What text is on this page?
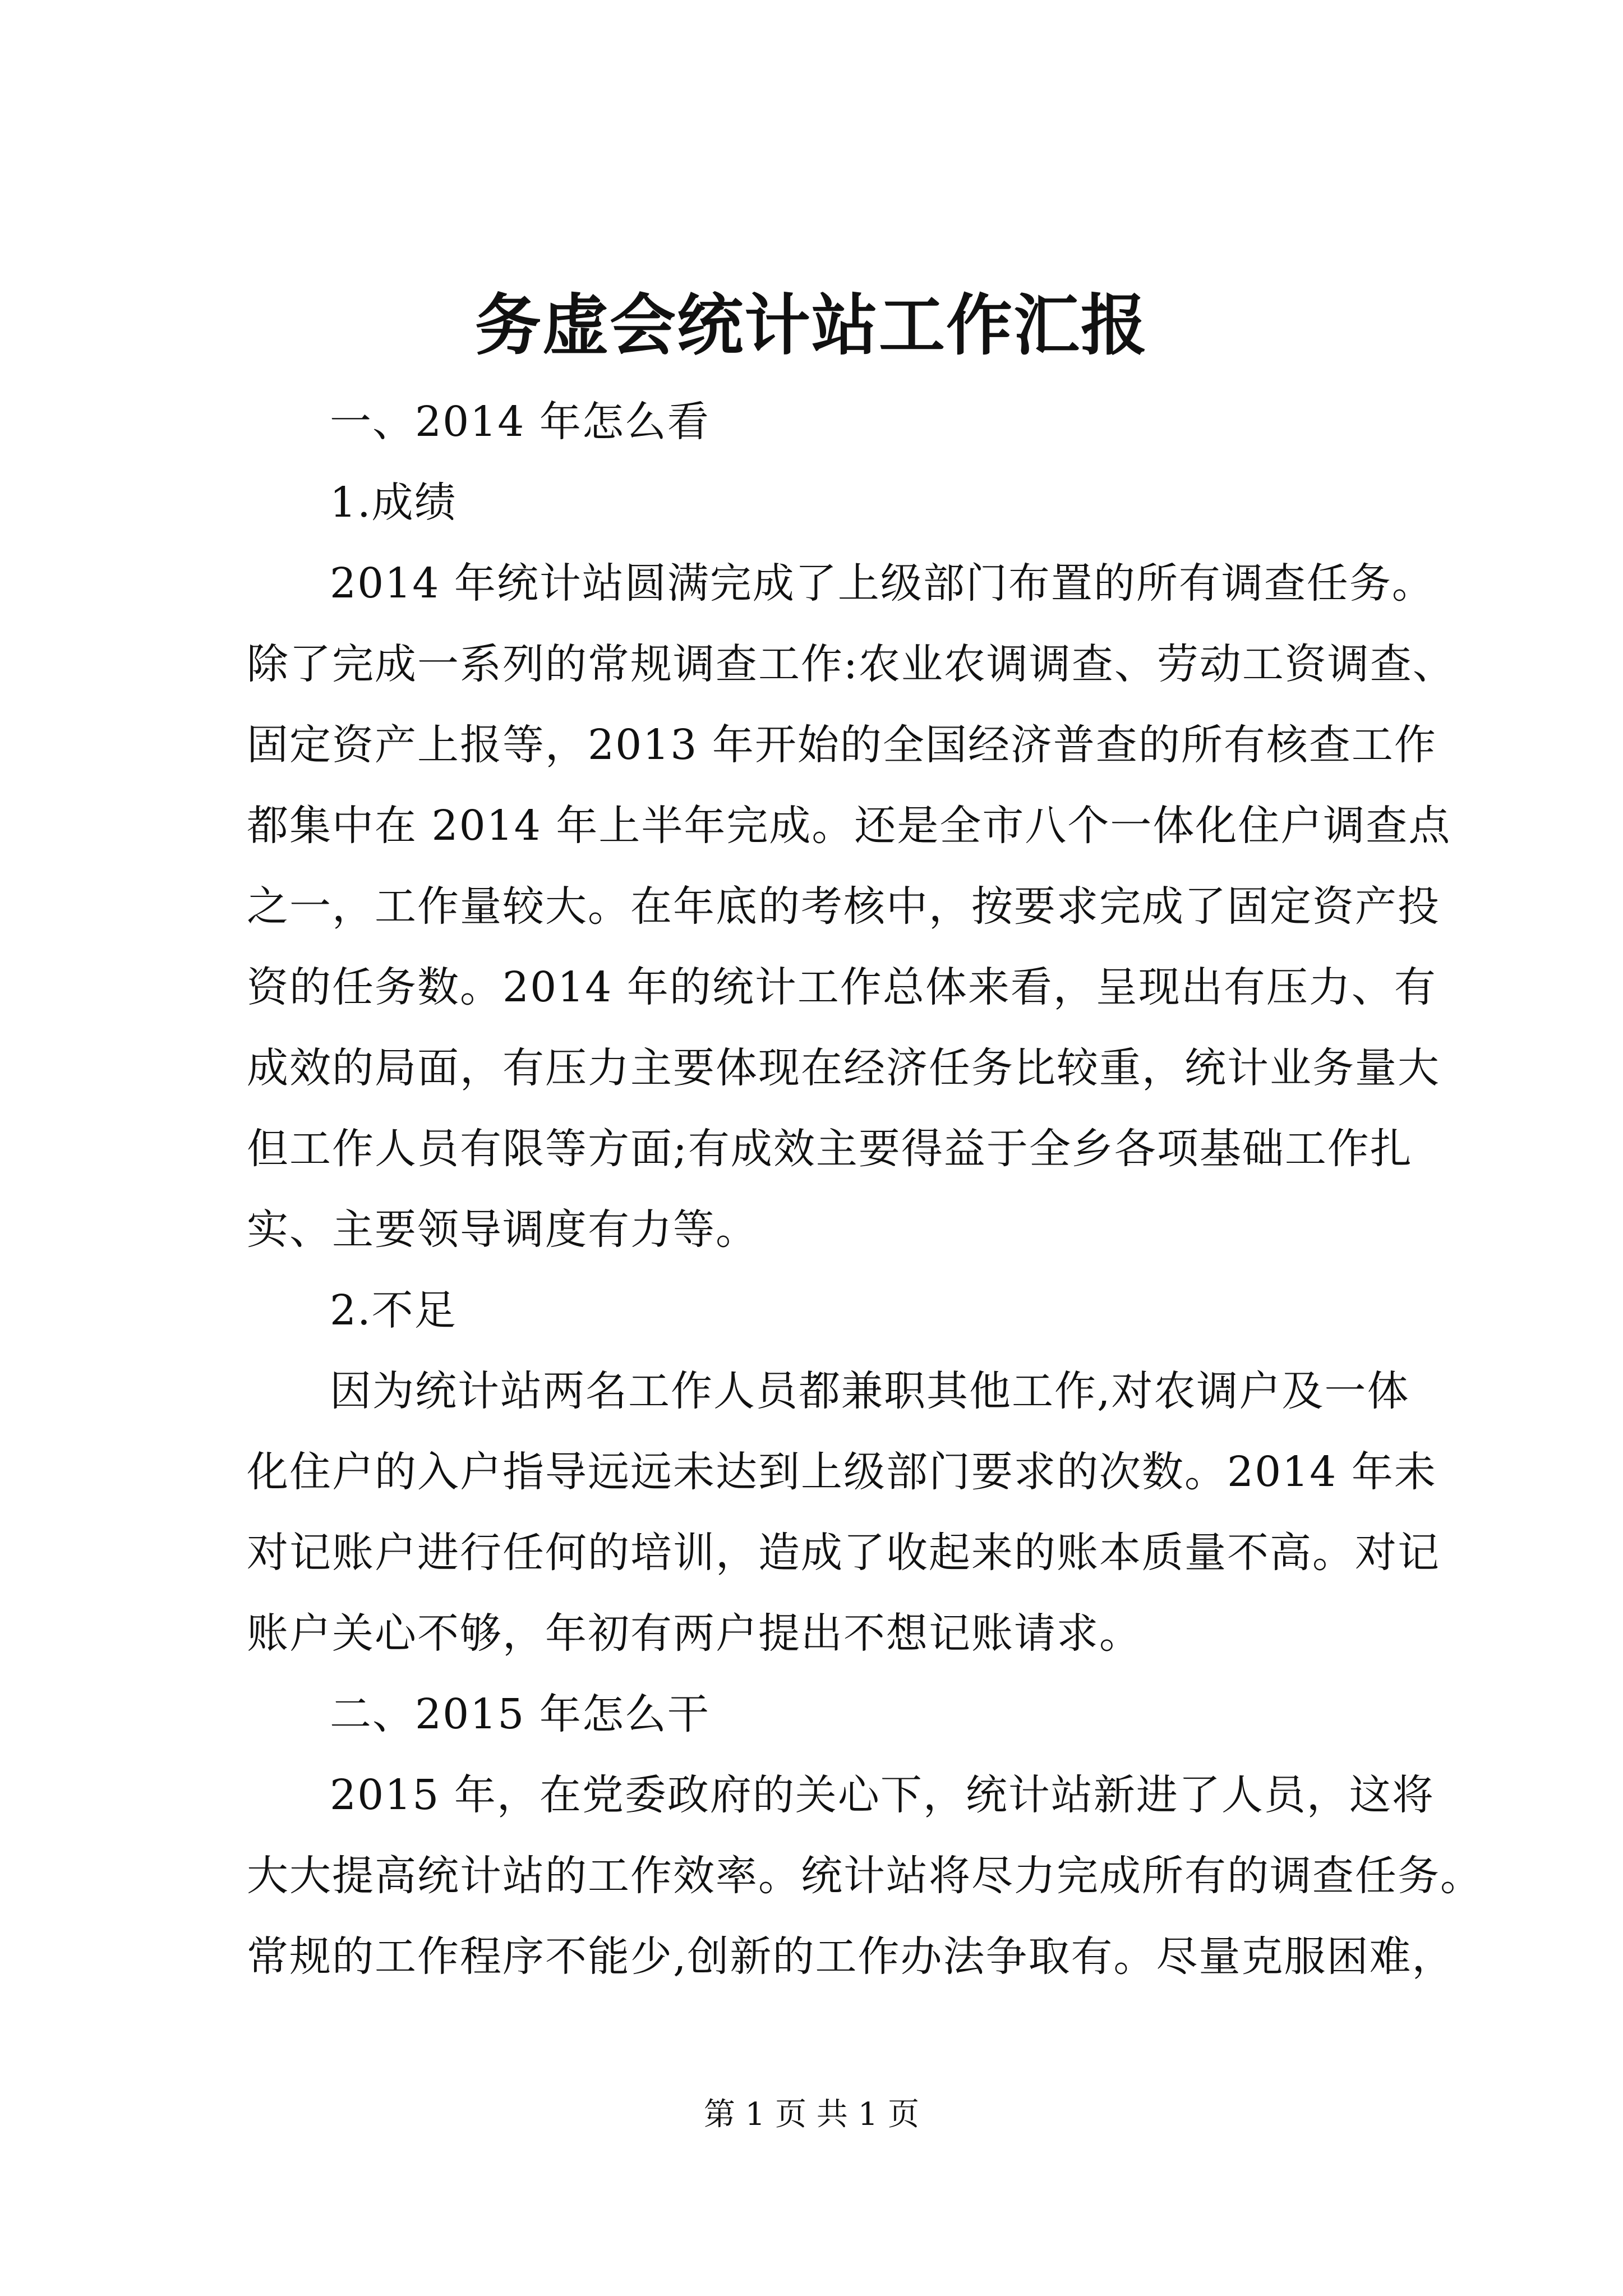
务虚会统计站工作汇报
一、2014 年怎么看
1.成绩
2014 年统计站圆满完成了上级部门布置的所有调查任务。
除了完成一系列的常规调查工作:农业农调调查、劳动工资调查、
固定资产上报等，2013 年开始的全国经济普查的所有核查工作
都集中在 2014 年上半年完成。还是全市八个一体化住户调查点
之一，工作量较大。在年底的考核中，按要求完成了固定资产投
资的任务数。2014 年的统计工作总体来看，呈现出有压力、有
成效的局面，有压力主要体现在经济任务比较重，统计业务量大
但工作人员有限等方面;有成效主要得益于全乡各项基础工作扎
实、主要领导调度有力等。
2.不足
因为统计站两名工作人员都兼职其他工作,对农调户及一体
化住户的入户指导远远未达到上级部门要求的次数。2014 年未
对记账户进行任何的培训，造成了收起来的账本质量不高。对记
账户关心不够，年初有两户提出不想记账请求。
二、2015 年怎么干
2015 年，在党委政府的关心下，统计站新进了人员，这将
大大提高统计站的工作效率。统计站将尽力完成所有的调查任务。
常规的工作程序不能少,创新的工作办法争取有。尽量克服困难，
第 1 页 共 1 页
